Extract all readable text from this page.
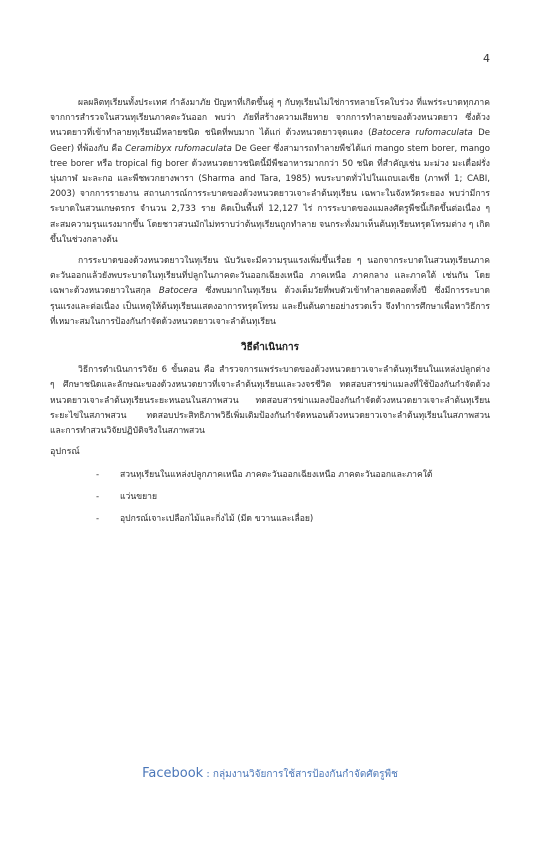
4

ผลผลิตทุเรียนทั้งประเทศ กำลังมาภัย ปัญหาที่เกิดขึ้นคู่ ๆ กับทุเรียนไม่ใช่การทลายโรคใบร่วง ที่แพร่ระบาดทุกภาค จากการสำรวจในสวนทุเรียนภาคตะวันออก พบว่า ภัยที่สร้างความเสียหาย จากการทำลายของด้วงหนวดยาว ซึ่งด้วงหนวดยาวที่เข้าทำลายทุเรียนมีหลายชนิด ชนิดที่พบมาก ได้แก่ ด้วงหนวดยาวจุดแดง (Batocera rufomaculata De Geer) ที่พ้องกับ คือ Ceramibyx rufomaculata De Geer ซึ่งสามารถทำลายพืชได้แก่ mango stem borer, mango tree borer หรือ tropical fig borer ด้วงหนวดยาวชนิดนี้มีพืชอาหารมากกว่า 50 ชนิด ที่สำคัญเช่น มะม่วง มะเดื่อฝรั่ง นุ่นกาฬ มะละกอ และพืชพวกยางพารา (Sharma and Tara, 1985) พบระบาดทั่วไปในแถบเอเชีย (ภาพที่ 1; CABI, 2003) จากการรายงาน สถานการณ์การระบาดของด้วงหนวดยาวเจาะลำต้นทุเรียน เฉพาะในจังหวัดระยอง พบว่ามีการระบาดในสวนเกษตรกร จำนวน 2,733 ราย คิดเป็นพื้นที่ 12,127 ไร่ การระบาดของแมลงศัตรูพืชนี้เกิดขึ้นต่อเนื่อง ๆ สะสมความรุนแรงมากขึ้น โดยชาวสวนมักไม่ทราบว่าต้นทุเรียนถูกทำลาย จนกระทั่งมาเห็นต้นทุเรียนทรุดโทรมต่าง ๆ เกิดขึ้นในช่วงกลางต้น

การระบาดของด้วงหนวดยาวในทุเรียน นับวันจะมีความรุนแรงเพิ่มขึ้นเรื่อย ๆ นอกจากระบาดในสวนทุเรียนภาคตะวันออกแล้วยังพบระบาดในทุเรียนที่ปลูกในภาคตะวันออกเฉียงเหนือ ภาคเหนือ ภาคกลาง และภาคใต้ เช่นกัน โดยเฉพาะด้วงหนวดยาวในสกุล Batocera ซึ่งพบมากในทุเรียน ด้วงเต็มวัยที่พบตัวเข้าทำลายตลอดทั้งปี ซึ่งมีการระบาดรุนแรงและต่อเนื่อง เป็นเหตุให้ต้นทุเรียนแสดงอาการทรุดโทรม และยืนต้นตายอย่างรวดเร็ว จึงทำการศึกษาเพื่อหาวิธีการที่เหมาะสมในการป้องกันกำจัดด้วงหนวดยาวเจาะลำต้นทุเรียน

วิธีดำเนินการ

วิธีการดำเนินการวิจัย 6 ขั้นตอน คือ สำรวจการแพร่ระบาดของด้วงหนวดยาวเจาะลำต้นทุเรียนในแหล่งปลูกต่าง ๆ ศึกษาชนิดและลักษณะของด้วงหนวดยาวที่เจาะลำต้นทุเรียนและวงจรชีวิต ทดสอบสารฆ่าแมลงที่ใช้ป้องกันกำจัดด้วงหนวดยาวเจาะลำต้นทุเรียนระยะหนอนในสภาพสวน ทดสอบสารฆ่าแมลงป้องกันกำจัดด้วงหนวดยาวเจาะลำต้นทุเรียนระยะไข่ในสภาพสวน ทดสอบประสิทธิภาพวิธีเพิ่มเติมป้องกันกำจัดหนอนด้วงหนวดยาวเจาะลำต้นทุเรียนในสภาพสวน และการทำสวนวิจัยปฏิบัติจริงในสภาพสวน

อุปกรณ์
- สวนทุเรียนในแหล่งปลูกภาคเหนือ ภาคตะวันออกเฉียงเหนือ ภาคตะวันออกและภาคใต้
- แว่นขยาย
- อุปกรณ์เจาะเปลือกไม้และกิ่งไม้ (มีด ขวานและเลื่อย)
Facebook : กลุ่มงานวิจัยการใช้สารป้องกันกำจัดศัตรูพืช
